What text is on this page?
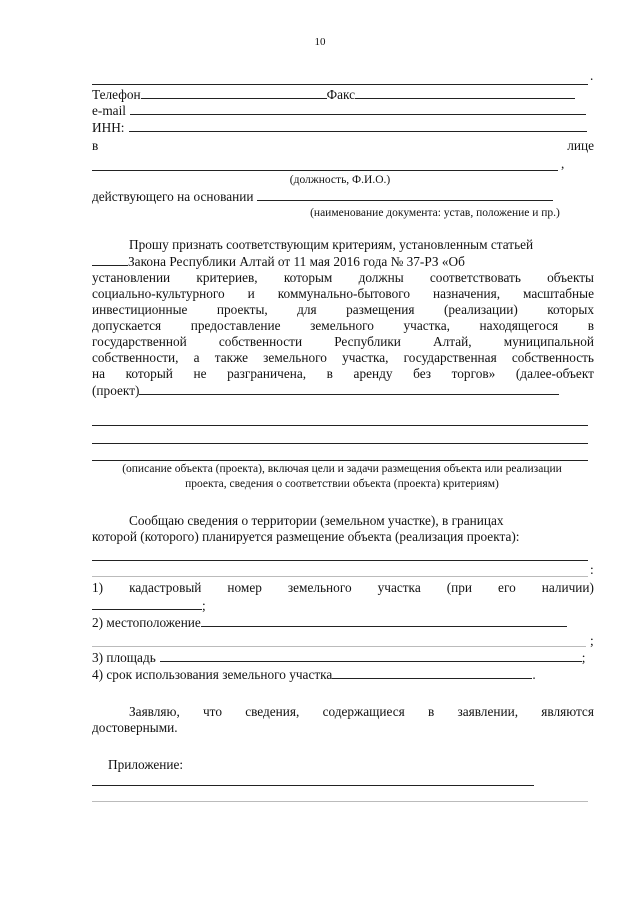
10
.
Телефон	Факс
e-mail
ИНН:
в	лице
,
(должность, Ф.И.О.)
действующего на основании
(наименование документа: устав, положение и пр.)
Прошу признать соответствующим критериям, установленным статьей
Закона Республики Алтай от 11 мая 2016 года № 37-РЗ «Об
установлении критериев, которым должны соответствовать объекты
социально-культурного и коммунально-бытового назначения, масштабные
инвестиционные проекты, для размещения (реализации) которых
допускается предоставление земельного участка, находящегося в
государственной собственности Республики Алтай, муниципальной
собственности, а также земельного участка, государственная собственность
на который не разграничена, в аренду без торгов» (далее-объект
(проект)
(описание объекта (проекта), включая цели и задачи размещения объекта или реализации
проекта, сведения о соответствии объекта (проекта) критериям)
Сообщаю сведения о территории (земельном участке), в границах
которой (которого) планируется размещение объекта (реализация проекта):
:
1) кадастровый номер земельного участка (при его наличии)
;
2) местоположение
;
3) площадь	;
4) срок использования земельного участка	.
Заявляю, что сведения, содержащиеся в заявлении, являются
достоверными.
Приложение:
